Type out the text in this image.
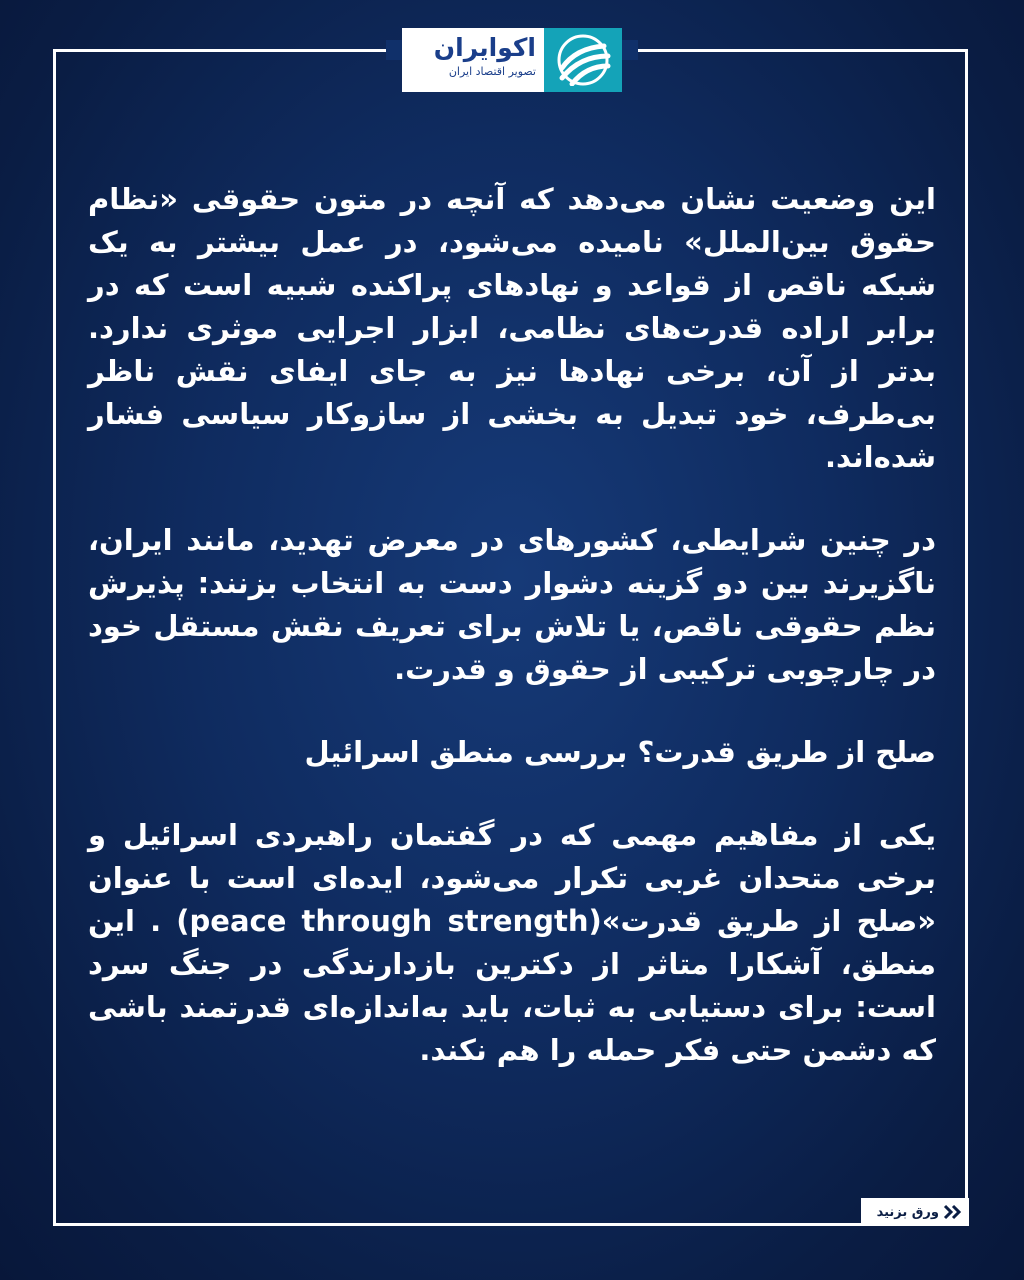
اکوایران
تصویر اقتصاد ایران

این وضعیت نشان می‌دهد که آنچه در متون حقوقی «نظام حقوق بین‌الملل» نامیده می‌شود، در عمل بیشتر به یک شبکه ناقص از قواعد و نهادهای پراکنده شبیه است که در برابر اراده قدرت‌های نظامی، ابزار اجرایی موثری ندارد. بدتر از آن، برخی نهادها نیز به جای ایفای نقش ناظر بی‌طرف، خود تبدیل به بخشی از سازوکار سیاسی فشار شده‌اند.

در چنین شرایطی، کشورهای در معرض تهدید، مانند ایران، ناگزیرند بین دو گزینه دشوار دست به انتخاب بزنند: پذیرش نظم حقوقی ناقص، یا تلاش برای تعریف نقش مستقل خود در چارچوبی ترکیبی از حقوق و قدرت.

صلح از طریق قدرت؟ بررسی منطق اسرائیل

یکی از مفاهیم مهمی که در گفتمان راهبردی اسرائیل و برخی متحدان غربی تکرار می‌شود، ایده‌ای است با عنوان «صلح از طریق قدرت»(peace through strength) . این منطق، آشکارا متاثر از دکترین بازدارندگی در جنگ سرد است: برای دستیابی به ثبات، باید به‌اندازه‌ای قدرتمند باشی که دشمن حتی فکر حمله را هم نکند.

ورق بزنید
